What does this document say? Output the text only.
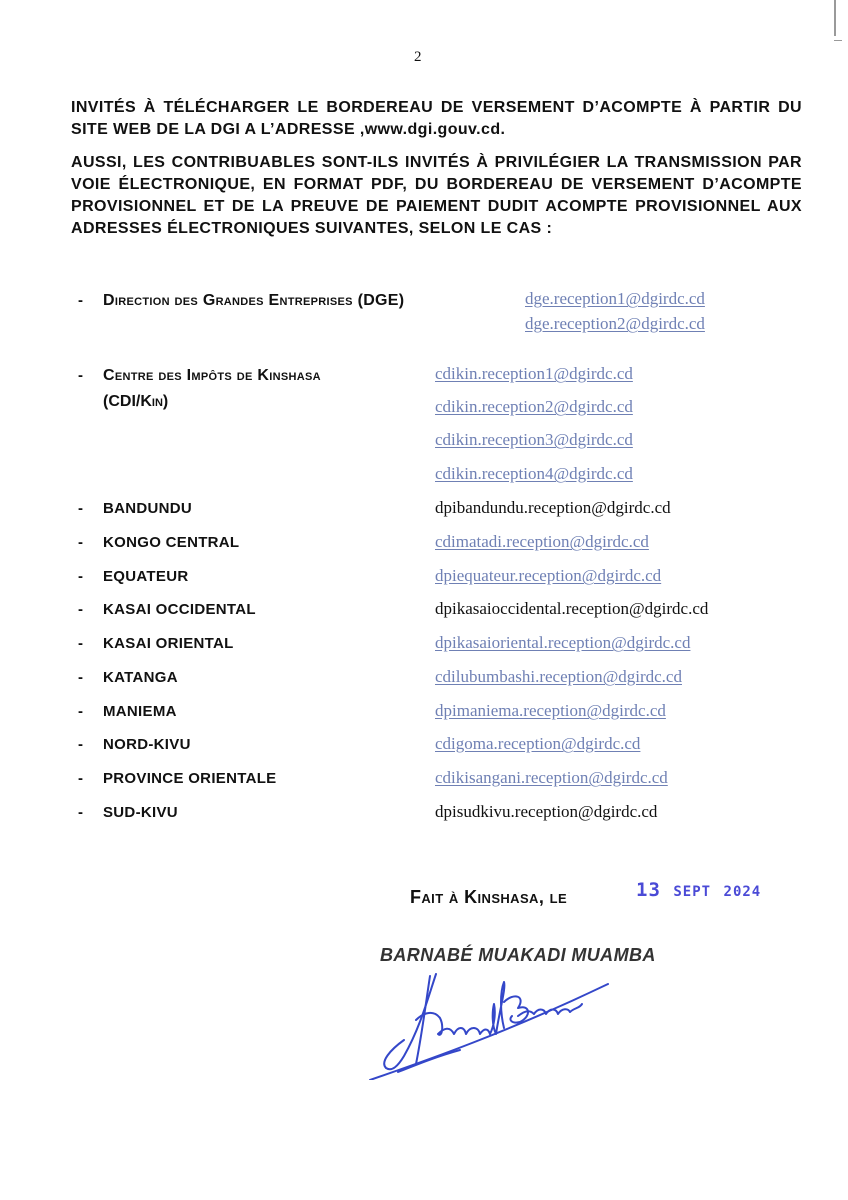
2
INVITÉS À TÉLÉCHARGER LE BORDEREAU DE VERSEMENT D’ACOMPTE À PARTIR DU SITE WEB DE LA DGI A L’ADRESSE ,www.dgi.gouv.cd.
AUSSI, LES CONTRIBUABLES SONT-ILS INVITÉS À PRIVILÉGIER LA TRANSMISSION PAR VOIE ÉLECTRONIQUE, EN FORMAT PDF, DU BORDEREAU DE VERSEMENT D’ACOMPTE PROVISIONNEL ET DE LA PREUVE DE PAIEMENT DUDIT ACOMPTE PROVISIONNEL AUX ADRESSES ÉLECTRONIQUES SUIVANTES, SELON LE CAS :
- Direction des Grandes Entreprises (DGE)	dge.reception1@dgirdc.cd
dge.reception2@dgirdc.cd
- Centre des Impôts de Kinshasa
(CDI/Kin)
cdikin.reception1@dgirdc.cd
cdikin.reception2@dgirdc.cd
cdikin.reception3@dgirdc.cd
cdikin.reception4@dgirdc.cd
- BANDUNDU	dpibandundu.reception@dgirdc.cd
- KONGO CENTRAL	cdimatadi.reception@dgirdc.cd
- EQUATEUR	dpiequateur.reception@dgirdc.cd
- KASAI OCCIDENTAL	dpikasaioccidental.reception@dgirdc.cd
- KASAI ORIENTAL	dpikasaioriental.reception@dgirdc.cd
- KATANGA	cdilubumbashi.reception@dgirdc.cd
- MANIEMA	dpimaniema.reception@dgirdc.cd
- NORD-KIVU	cdigoma.reception@dgirdc.cd
- PROVINCE ORIENTALE	cdikisangani.reception@dgirdc.cd
- SUD-KIVU	dpisudkivu.reception@dgirdc.cd
Fait à Kinshasa, le	13 SEPT 2024
BARNABÉ MUAKADI MUAMBA
